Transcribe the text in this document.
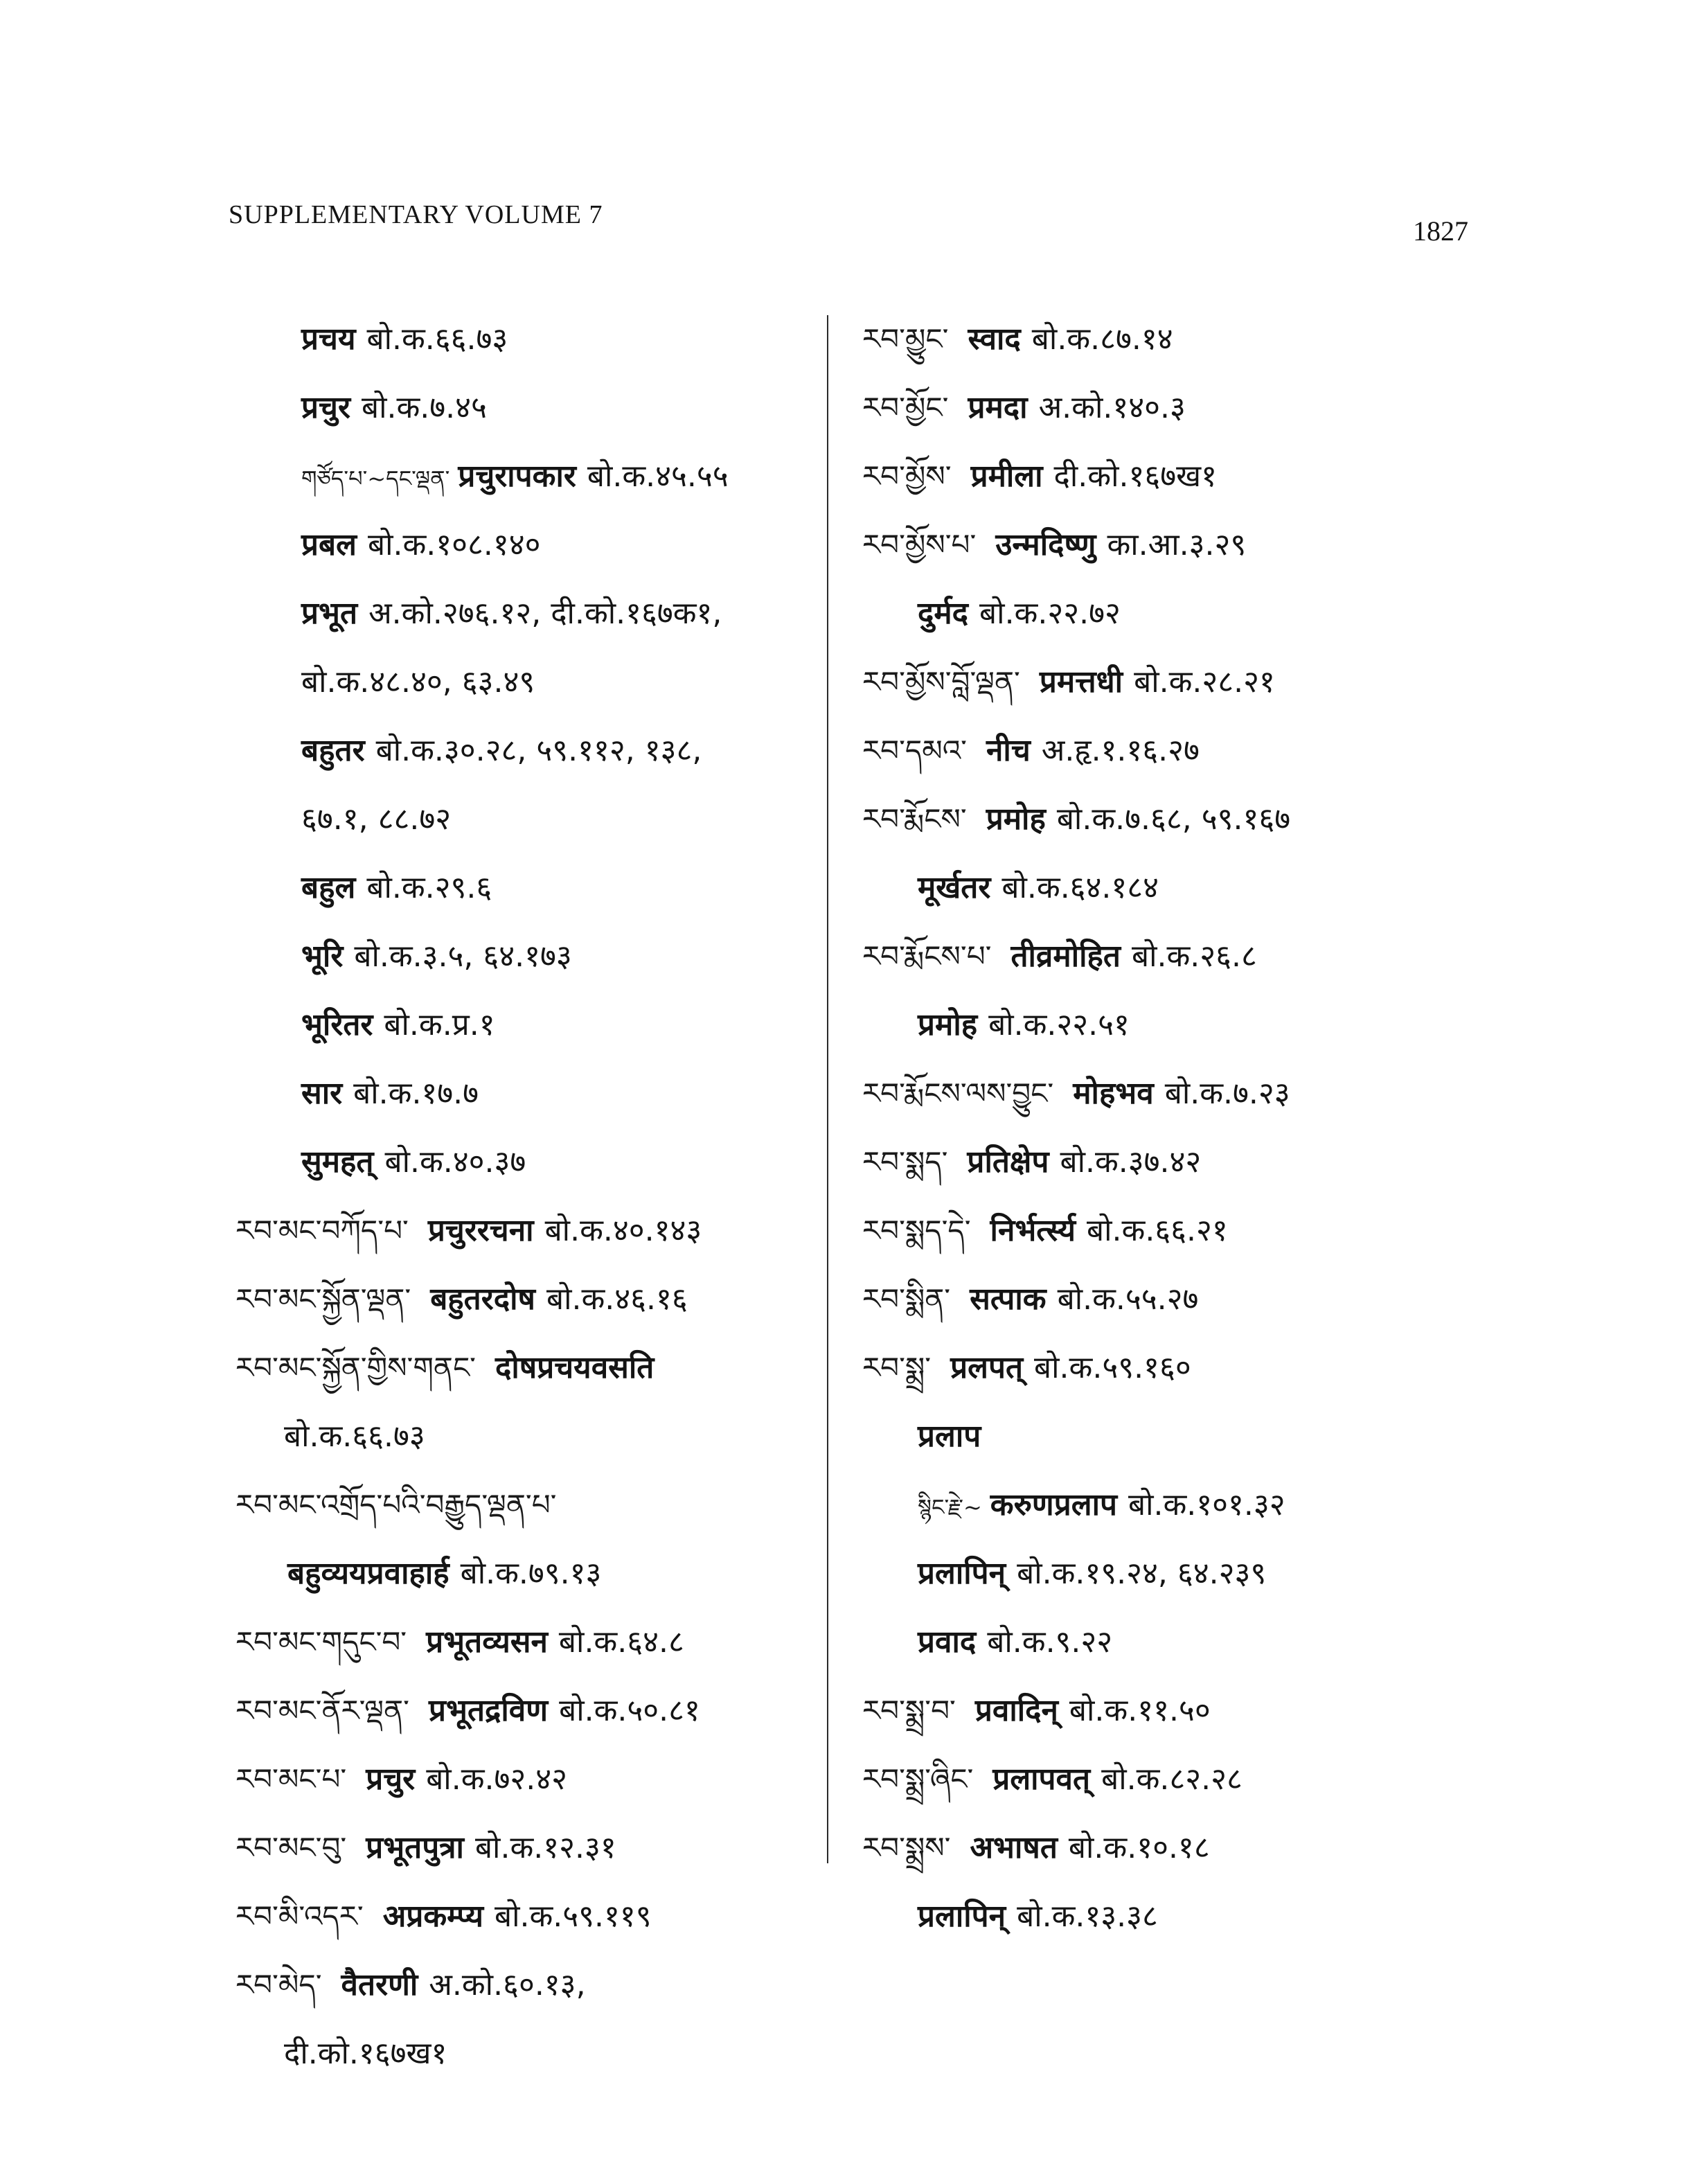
SUPPLEMENTARY VOLUME 7
1827
प्रचय बो.क.६६.७३
प्रचुर बो.क.७.४५
གཙོད་པ་~དང་ལྡན་ प्रचुरापकार बो.क.४५.५५
प्रबल बो.क.१०८.१४०
प्रभूत अ.को.२७६.१२, दी.को.१६७क१,
बो.क.४८.४०, ६३.४९
बहुतर बो.क.३०.२८, ५९.११२, १३८,
६७.१, ८८.७२
बहुल बो.क.२९.६
भूरि बो.क.३.५, ६४.१७३
भूरितर बो.क.प्र.१
सार बो.क.१७.७
सुमहत् बो.क.४०.३७
རབ་མང་བཀོད་པ་ प्रचुररचना बो.क.४०.१४३
རབ་མང་སྐྱོན་ལྡན་ बहुतरदोष बो.क.४६.१६
རབ་མང་སྐྱོན་གྱིས་གནང་ दोषप्रचयवसति
बो.क.६६.७३
རབ་མང་འགྲོད་པའི་བརྒྱུད་ལྡན་པ་
बहुव्ययप्रवाहार्ह बो.क.७९.१३
རབ་མང་གདུང་བ་ प्रभूतव्यसन बो.क.६४.८
རབ་མང་ནོར་ལྡན་ प्रभूतद्रविण बो.क.५०.८१
རབ་མང་པ་ प्रचुर बो.क.७२.४२
རབ་མང་བུ་ प्रभूतपुत्रा बो.क.१२.३१
རབ་མི་འདར་ अप्रकम्प्य बो.क.५९.११९
རབ་མེད་ वैतरणी अ.को.६०.१३,
दी.को.१६७ख१
རབ་མྱུང་ स्वाद बो.क.८७.१४
རབ་མྱོང་ प्रमदा अ.को.१४०.३
རབ་མྱོས་ प्रमीला दी.को.१६७ख१
རབ་མྱོས་པ་ उन्मदिष्णु का.आ.३.२९
दुर्मद बो.क.२२.७२
རབ་མྱོས་བློ་ལྡན་ प्रमत्तधी बो.क.२८.२१
རབ་དམའ་ नीच अ.हृ.१.१६.२७
རབ་རྨོངས་ प्रमोह बो.क.७.६८, ५९.१६७
मूर्खतर बो.क.६४.१८४
རབ་རྨོངས་པ་ तीव्रमोहित बो.क.२६.८
प्रमोह बो.क.२२.५१
རབ་རྨོངས་ལས་བྱུང་ मोहभव बो.क.७.२३
རབ་སྨད་ प्रतिक्षेप बो.क.३७.४२
རབ་སྨད་དེ་ निर्भर्त्स्य बो.क.६६.२१
རབ་སྨིན་ सत्पाक बो.क.५५.२७
རབ་སྨྲ་ प्रलपत् बो.क.५९.१६०
प्रलाप
སྙིང་རྗེ་~ करुणप्रलाप बो.क.१०१.३२
प्रलापिन् बो.क.१९.२४, ६४.२३९
प्रवाद बो.क.९.२२
རབ་སྨྲ་བ་ प्रवादिन् बो.क.११.५०
རབ་སྨྲ་ཞིང་ प्रलापवत् बो.क.८२.२८
རབ་སྨྲས་ अभाषत बो.क.१०.१८
प्रलापिन् बो.क.१३.३८
